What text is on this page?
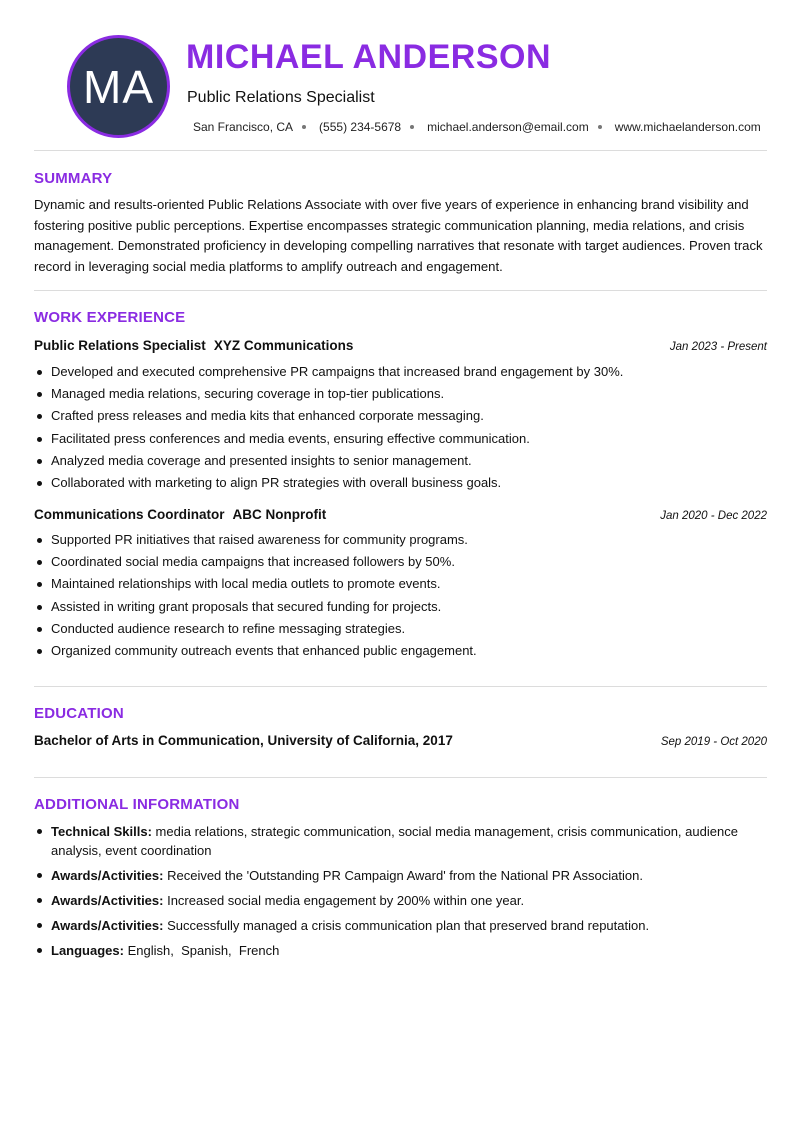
MA
MICHAEL ANDERSON
Public Relations Specialist
San Francisco, CA (555) 234-5678 michael.anderson@email.com www.michaelanderson.com
SUMMARY
Dynamic and results-oriented Public Relations Associate with over five years of experience in enhancing brand visibility and fostering positive public perceptions. Expertise encompasses strategic communication planning, media relations, and crisis management. Demonstrated proficiency in developing compelling narratives that resonate with target audiences. Proven track record in leveraging social media platforms to amplify outreach and engagement.
WORK EXPERIENCE
Public Relations Specialist XYZ Communications	Jan 2023 - Present
Developed and executed comprehensive PR campaigns that increased brand engagement by 30%.
Managed media relations, securing coverage in top-tier publications.
Crafted press releases and media kits that enhanced corporate messaging.
Facilitated press conferences and media events, ensuring effective communication.
Analyzed media coverage and presented insights to senior management.
Collaborated with marketing to align PR strategies with overall business goals.
Communications Coordinator ABC Nonprofit	Jan 2020 - Dec 2022
Supported PR initiatives that raised awareness for community programs.
Coordinated social media campaigns that increased followers by 50%.
Maintained relationships with local media outlets to promote events.
Assisted in writing grant proposals that secured funding for projects.
Conducted audience research to refine messaging strategies.
Organized community outreach events that enhanced public engagement.
EDUCATION
Bachelor of Arts in Communication, University of California, 2017	Sep 2019 - Oct 2020
ADDITIONAL INFORMATION
Technical Skills: media relations, strategic communication, social media management, crisis communication, audience analysis, event coordination
Awards/Activities: Received the 'Outstanding PR Campaign Award' from the National PR Association.
Awards/Activities: Increased social media engagement by 200% within one year.
Awards/Activities: Successfully managed a crisis communication plan that preserved brand reputation.
Languages: English,  Spanish,  French
